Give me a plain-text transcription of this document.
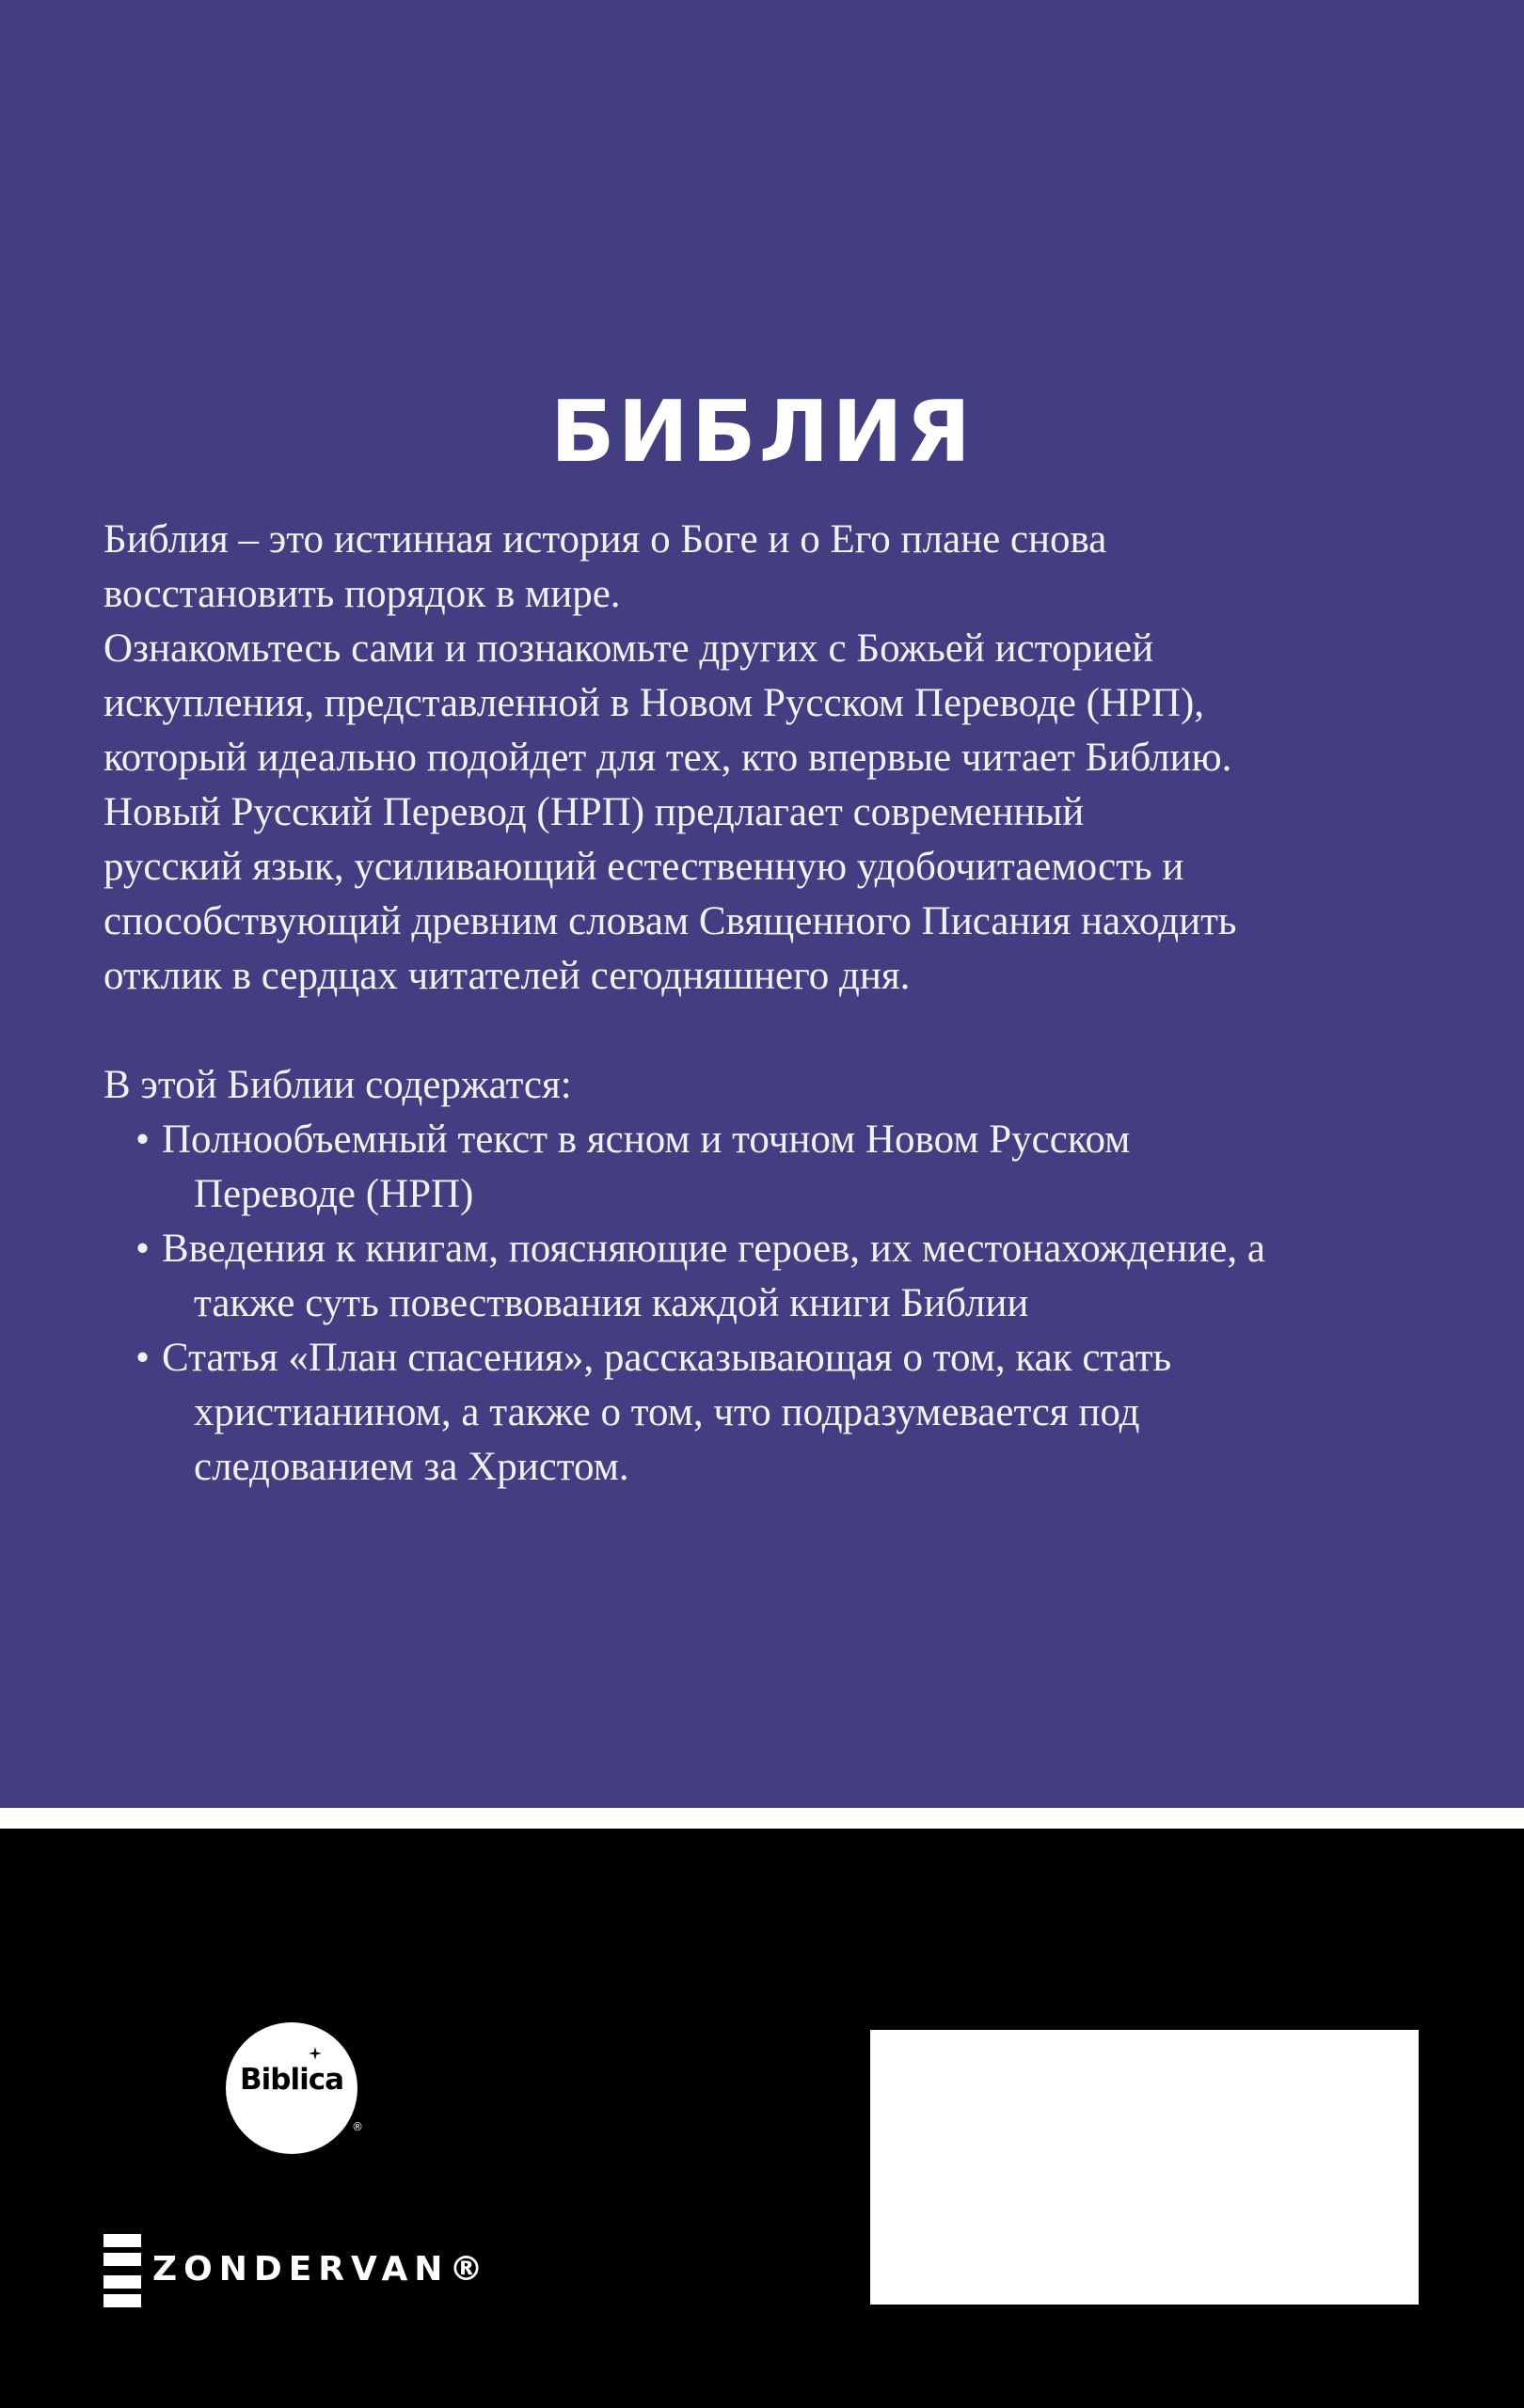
БИБЛИЯ

Библия – это истинная история о Боге и о Его плане снова

восстановить порядок в мире.

Ознакомьтесь сами и познакомьте других с Божьей историей

искупления, представленной в Новом Русском Переводе (НРП),

который идеально подойдет для тех, кто впервые читает Библию.

Новый Русский Перевод (НРП) предлагает современный

русский язык, усиливающий естественную удобочитаемость и

способствующий древним словам Священного Писания находить

отклик в сердцах читателей сегодняшнего дня.

В этой Библии содержатся:

• Полнообъемный текст в ясном и точном Новом Русском
Переводе (НРП)
• Введения к книгам, поясняющие героев, их местонахождение, а
также суть повествования каждой книги Библии
• Статья «План спасения», рассказывающая о том, как стать
христианином, а также о том, что подразумевается под
следованием за Христом.
Biblica
®
ZONDERVAN®
